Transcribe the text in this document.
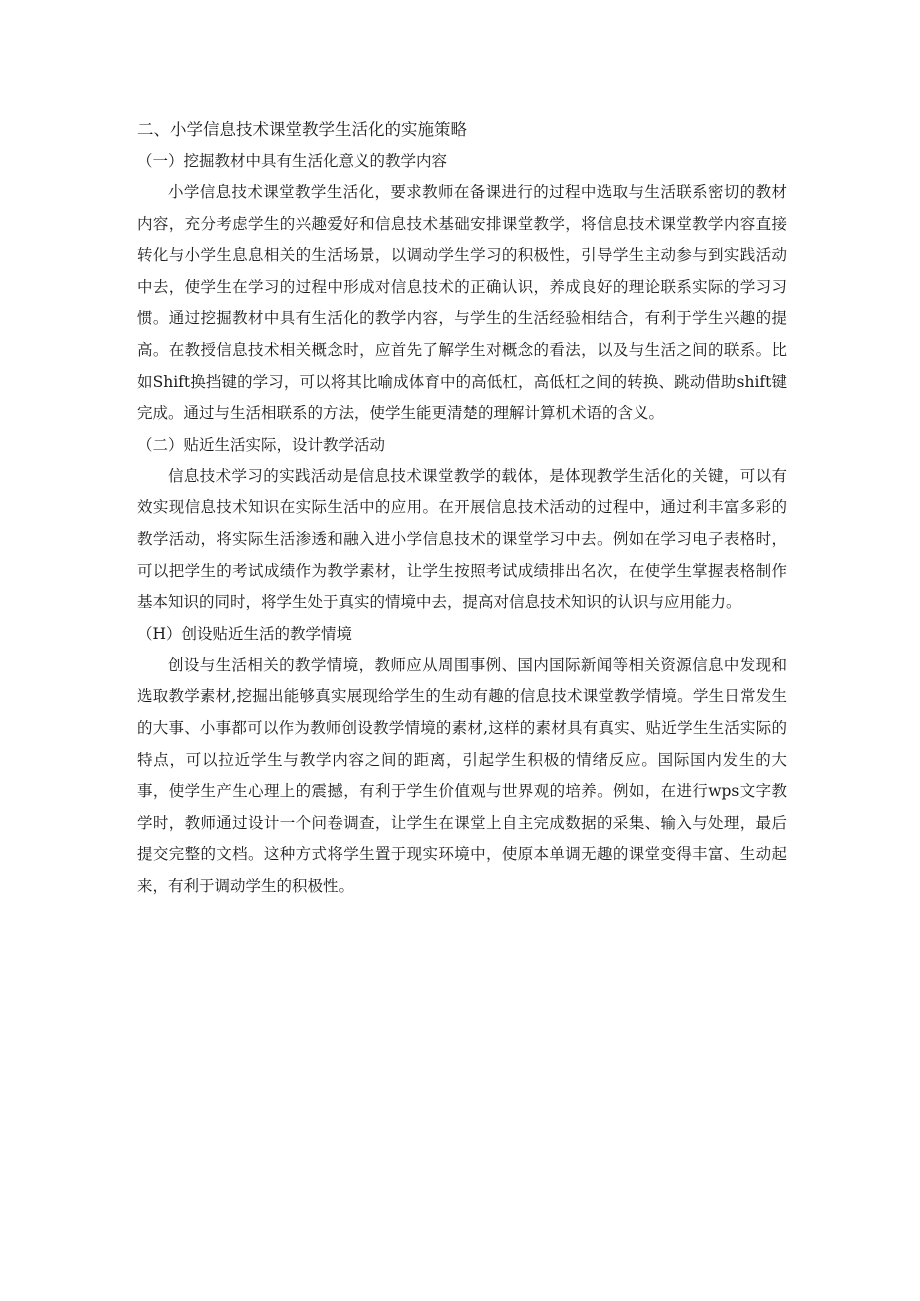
二、小学信息技术课堂教学生活化的实施策略
（一）挖掘教材中具有生活化意义的教学内容

小学信息技术课堂教学生活化，要求教师在备课进行的过程中选取与生活联系密切的教材内容，充分考虑学生的兴趣爱好和信息技术基础安排课堂教学，将信息技术课堂教学内容直接转化与小学生息息相关的生活场景，以调动学生学习的积极性，引导学生主动参与到实践活动中去，使学生在学习的过程中形成对信息技术的正确认识，养成良好的理论联系实际的学习习惯。通过挖掘教材中具有生活化的教学内容，与学生的生活经验相结合，有利于学生兴趣的提高。在教授信息技术相关概念时，应首先了解学生对概念的看法，以及与生活之间的联系。比如Shift换挡键的学习，可以将其比喻成体育中的高低杠，高低杠之间的转换、跳动借助shift键完成。通过与生活相联系的方法，使学生能更清楚的理解计算机术语的含义。

（二）贴近生活实际，设计教学活动

信息技术学习的实践活动是信息技术课堂教学的载体，是体现教学生活化的关键，可以有效实现信息技术知识在实际生活中的应用。在开展信息技术活动的过程中，通过利丰富多彩的教学活动，将实际生活渗透和融入进小学信息技术的课堂学习中去。例如在学习电子表格时，可以把学生的考试成绩作为教学素材，让学生按照考试成绩排出名次，在使学生掌握表格制作基本知识的同时，将学生处于真实的情境中去，提高对信息技术知识的认识与应用能力。

（H）创设贴近生活的教学情境

创设与生活相关的教学情境，教师应从周围事例、国内国际新闻等相关资源信息中发现和选取教学素材,挖掘出能够真实展现给学生的生动有趣的信息技术课堂教学情境。学生日常发生的大事、小事都可以作为教师创设教学情境的素材,这样的素材具有真实、贴近学生生活实际的特点，可以拉近学生与教学内容之间的距离，引起学生积极的情绪反应。国际国内发生的大事，使学生产生心理上的震撼，有利于学生价值观与世界观的培养。例如，在进行wps文字教学时，教师通过设计一个问卷调查，让学生在课堂上自主完成数据的采集、输入与处理，最后提交完整的文档。这种方式将学生置于现实环境中，使原本单调无趣的课堂变得丰富、生动起来，有利于调动学生的积极性。
